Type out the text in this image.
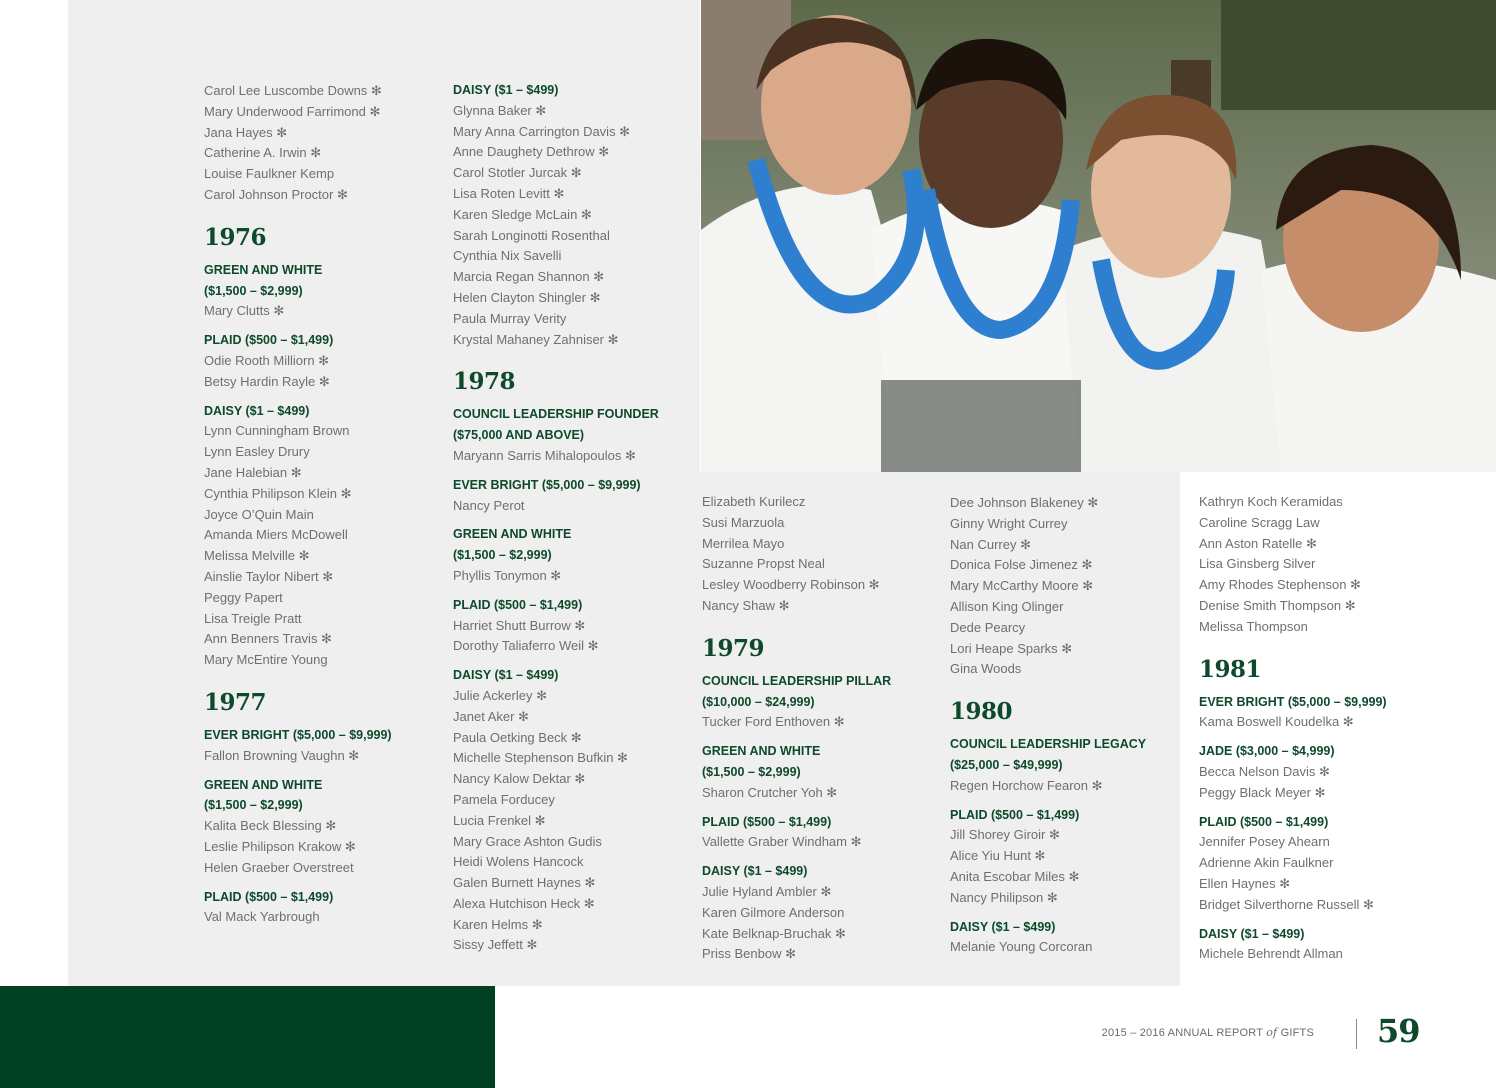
Carol Lee Luscombe Downs ✻
Mary Underwood Farrimond ✻
Jana Hayes ✻
Catherine A. Irwin ✻
Louise Faulkner Kemp
Carol Johnson Proctor ✻
1976
GREEN AND WHITE
($1,500 – $2,999)
Mary Clutts ✻
PLAID ($500 – $1,499)
Odie Rooth Milliorn ✻
Betsy Hardin Rayle ✻
DAISY ($1 – $499)
Lynn Cunningham Brown
Lynn Easley Drury
Jane Halebian ✻
Cynthia Philipson Klein ✻
Joyce O’Quin Main
Amanda Miers McDowell
Melissa Melville ✻
Ainslie Taylor Nibert ✻
Peggy Papert
Lisa Treigle Pratt
Ann Benners Travis ✻
Mary McEntire Young
1977
EVER BRIGHT ($5,000 – $9,999)
Fallon Browning Vaughn ✻
GREEN AND WHITE
($1,500 – $2,999)
Kalita Beck Blessing ✻
Leslie Philipson Krakow ✻
Helen Graeber Overstreet
PLAID ($500 – $1,499)
Val Mack Yarbrough
DAISY ($1 – $499)
Glynna Baker ✻
Mary Anna Carrington Davis ✻
Anne Daughety Dethrow ✻
Carol Stotler Jurcak ✻
Lisa Roten Levitt ✻
Karen Sledge McLain ✻
Sarah Longinotti Rosenthal
Cynthia Nix Savelli
Marcia Regan Shannon ✻
Helen Clayton Shingler ✻
Paula Murray Verity
Krystal Mahaney Zahniser ✻
1978
COUNCIL LEADERSHIP FOUNDER
($75,000 AND ABOVE)
Maryann Sarris Mihalopoulos ✻
EVER BRIGHT ($5,000 – $9,999)
Nancy Perot
GREEN AND WHITE
($1,500 – $2,999)
Phyllis Tonymon ✻
PLAID ($500 – $1,499)
Harriet Shutt Burrow ✻
Dorothy Taliaferro Weil ✻
DAISY ($1 – $499)
Julie Ackerley ✻
Janet Aker ✻
Paula Oetking Beck ✻
Michelle Stephenson Bufkin ✻
Nancy Kalow Dektar ✻
Pamela Forducey
Lucia Frenkel ✻
Mary Grace Ashton Gudis
Heidi Wolens Hancock
Galen Burnett Haynes ✻
Alexa Hutchison Heck ✻
Karen Helms ✻
Sissy Jeffett ✻
Elizabeth Kurilecz
Susi Marzuola
Merrilea Mayo
Suzanne Propst Neal
Lesley Woodberry Robinson ✻
Nancy Shaw ✻
1979
COUNCIL LEADERSHIP PILLAR
($10,000 – $24,999)
Tucker Ford Enthoven ✻
GREEN AND WHITE
($1,500 – $2,999)
Sharon Crutcher Yoh ✻
PLAID ($500 – $1,499)
Vallette Graber Windham ✻
DAISY ($1 – $499)
Julie Hyland Ambler ✻
Karen Gilmore Anderson
Kate Belknap-Bruchak ✻
Priss Benbow ✻
Dee Johnson Blakeney ✻
Ginny Wright Currey
Nan Currey ✻
Donica Folse Jimenez ✻
Mary McCarthy Moore ✻
Allison King Olinger
Dede Pearcy
Lori Heape Sparks ✻
Gina Woods
1980
COUNCIL LEADERSHIP LEGACY
($25,000 – $49,999)
Regen Horchow Fearon ✻
PLAID ($500 – $1,499)
Jill Shorey Giroir ✻
Alice Yiu Hunt ✻
Anita Escobar Miles ✻
Nancy Philipson ✻
DAISY ($1 – $499)
Melanie Young Corcoran
Kathryn Koch Keramidas
Caroline Scragg Law
Ann Aston Ratelle ✻
Lisa Ginsberg Silver
Amy Rhodes Stephenson ✻
Denise Smith Thompson ✻
Melissa Thompson
1981
EVER BRIGHT ($5,000 – $9,999)
Kama Boswell Koudelka ✻
JADE ($3,000 – $4,999)
Becca Nelson Davis ✻
Peggy Black Meyer ✻
PLAID ($500 – $1,499)
Jennifer Posey Ahearn
Adrienne Akin Faulkner
Ellen Haynes ✻
Bridget Silverthorne Russell ✻
DAISY ($1 – $499)
Michele Behrendt Allman
2015 – 2016 ANNUAL REPORT of GIFTS 59
